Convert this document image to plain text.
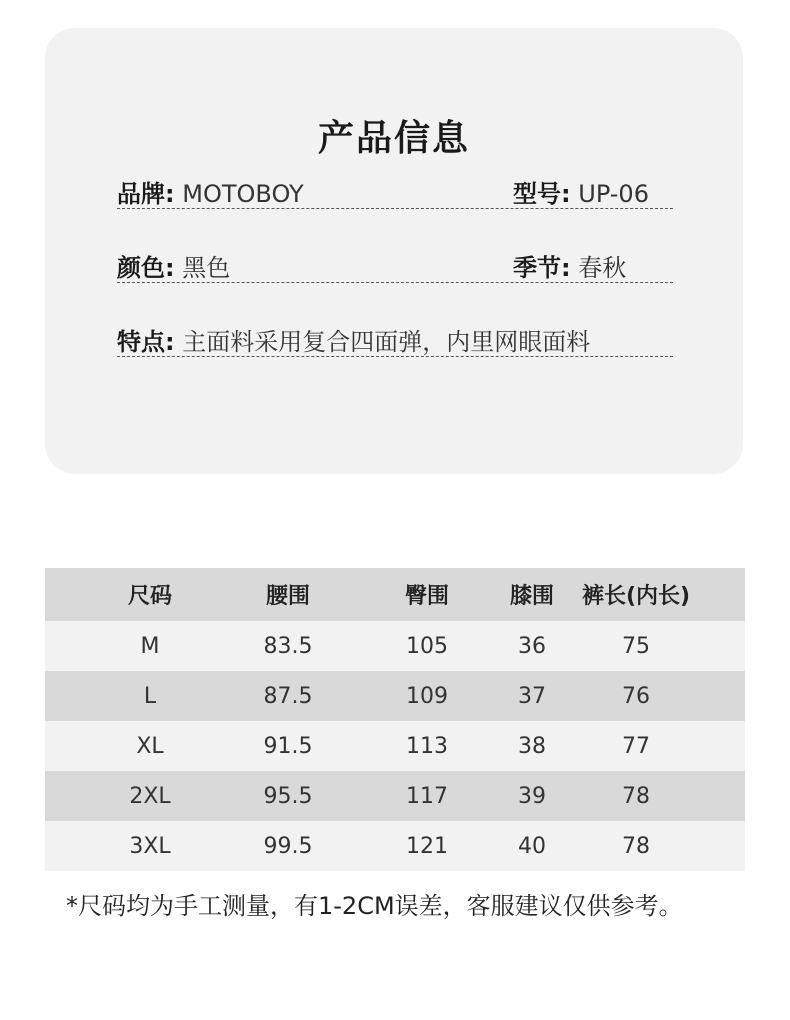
产品信息
品牌: MOTOBOY	型号: UP-06
颜色: 黑色	季节: 春秋
特点: 主面料采用复合四面弹，内里网眼面料
尺码	腰围	臀围	膝围	裤长(内长)
M	83.5	105	36	75
L	87.5	109	37	76
XL	91.5	113	38	77
2XL	95.5	117	39	78
3XL	99.5	121	40	78
*尺码均为手工测量，有1-2CM误差，客服建议仅供参考。
